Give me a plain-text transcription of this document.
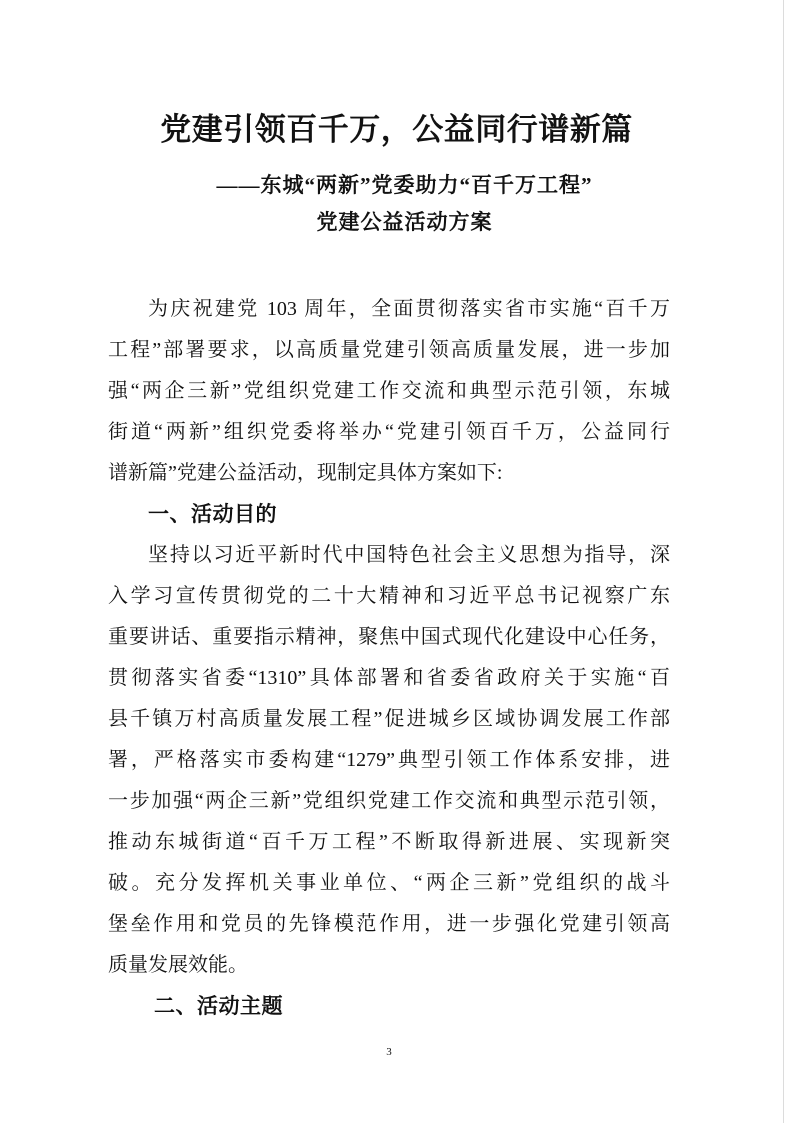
党建引领百千万，公益同行谱新篇
——东城“两新”党委助力“百千万工程”
党建公益活动方案
为庆祝建党 103 周年，全面贯彻落实省市实施“百千万
工程”部署要求，以高质量党建引领高质量发展，进一步加
强“两企三新”党组织党建工作交流和典型示范引领，东城
街道“两新”组织党委将举办“党建引领百千万，公益同行
谱新篇”党建公益活动，现制定具体方案如下:
一、活动目的
坚持以习近平新时代中国特色社会主义思想为指导，深
入学习宣传贯彻党的二十大精神和习近平总书记视察广东
重要讲话、重要指示精神，聚焦中国式现代化建设中心任务，
贯彻落实省委“1310”具体部署和省委省政府关于实施“百
县千镇万村高质量发展工程”促进城乡区域协调发展工作部
署，严格落实市委构建“1279”典型引领工作体系安排，进
一步加强“两企三新”党组织党建工作交流和典型示范引领，
推动东城街道“百千万工程”不断取得新进展、实现新突
破。充分发挥机关事业单位、“两企三新”党组织的战斗
堡垒作用和党员的先锋模范作用，进一步强化党建引领高
质量发展效能。
二、活动主题
3
